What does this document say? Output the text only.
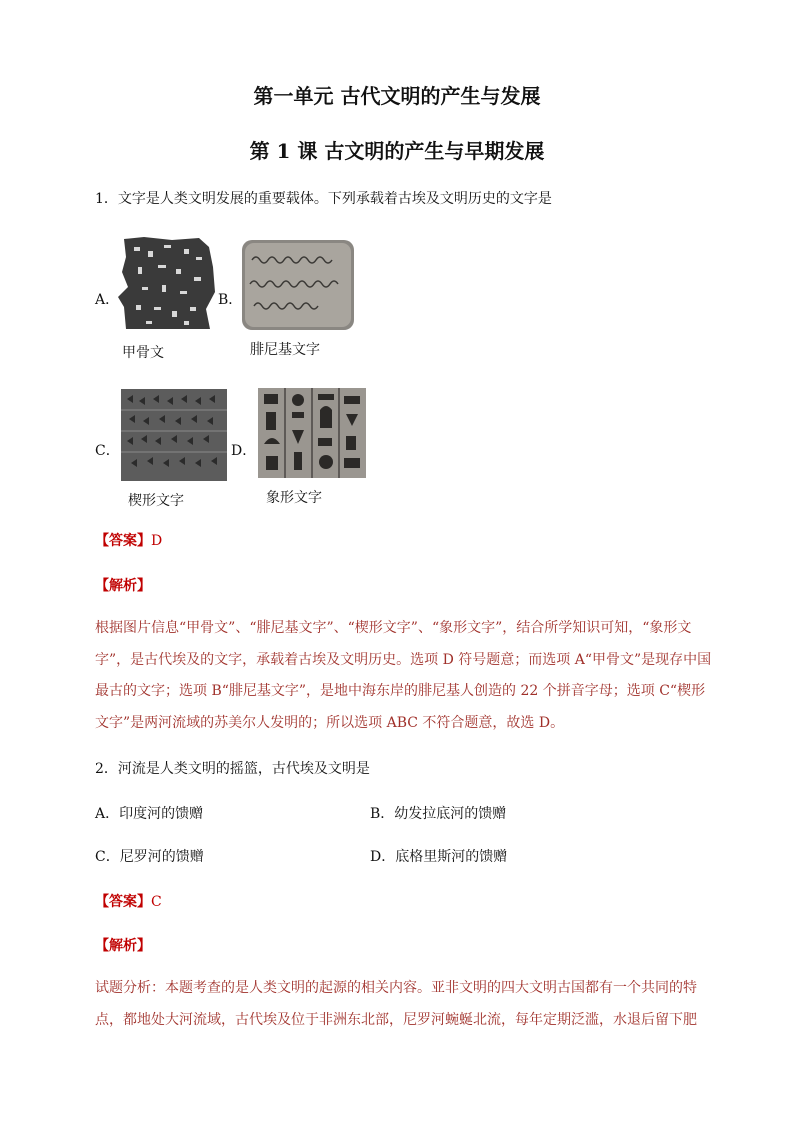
第一单元 古代文明的产生与发展
第 1 课 古文明的产生与早期发展
1．文字是人类文明发展的重要载体。下列承载着古埃及文明历史的文字是
A．
甲骨文
B．
腓尼基文字
C．
楔形文字
D．
象形文字
【答案】D
【解析】
根据图片信息“甲骨文”、“腓尼基文字”、“楔形文字”、“象形文字”，结合所学知识可知，“象形文字”，是古代埃及的文字，承载着古埃及文明历史。选项 D 符号题意；而选项 A“甲骨文”是现存中国最古的文字；选项 B“腓尼基文字”，是地中海东岸的腓尼基人创造的 22 个拼音字母；选项 C“楔形文字”是两河流域的苏美尔人发明的；所以选项 ABC 不符合题意，故选 D。
2．河流是人类文明的摇篮，古代埃及文明是
A．印度河的馈赠	B．幼发拉底河的馈赠
C．尼罗河的馈赠	D．底格里斯河的馈赠
【答案】C
【解析】
试题分析：本题考查的是人类文明的起源的相关内容。亚非文明的四大文明古国都有一个共同的特点，都地处大河流域，古代埃及位于非洲东北部，尼罗河蜿蜒北流，每年定期泛滥，水退后留下肥
